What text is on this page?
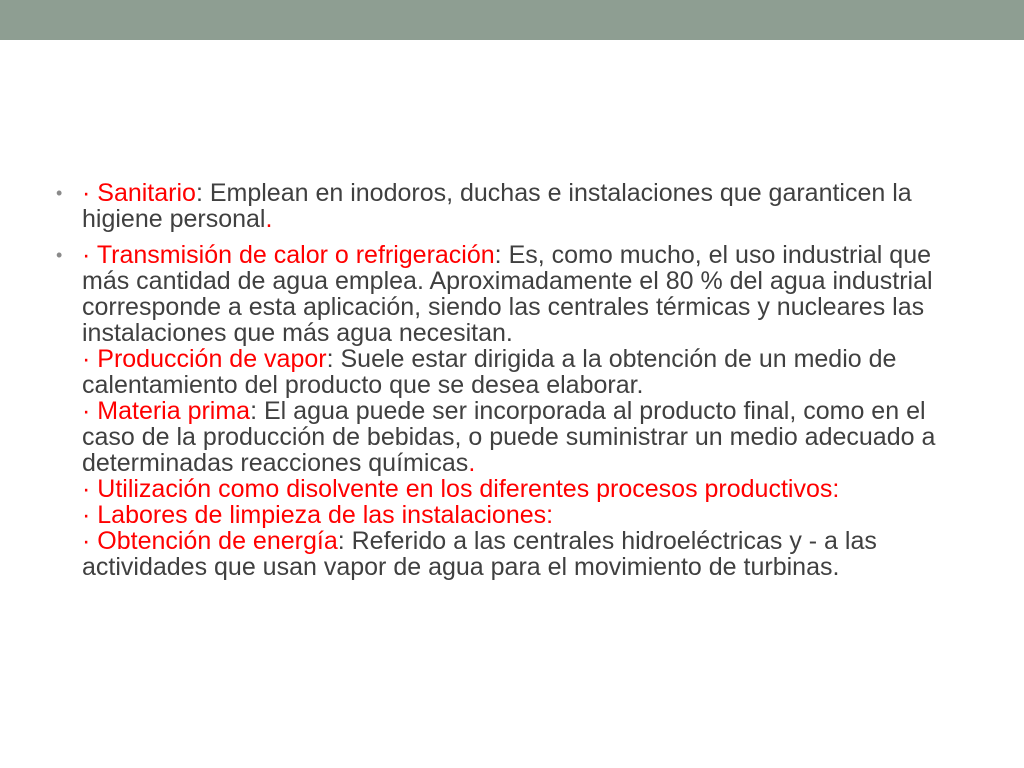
• · Sanitario: Emplean en inodoros, duchas e instalaciones que garanticen la higiene personal.
• · Transmisión de calor o refrigeración: Es, como mucho, el uso industrial que más cantidad de agua emplea. Aproximadamente el 80 % del agua industrial corresponde a esta aplicación, siendo las centrales térmicas y nucleares las instalaciones que más agua necesitan.
· Producción de vapor: Suele estar dirigida a la obtención de un medio de calentamiento del producto que se desea elaborar.
· Materia prima: El agua puede ser incorporada al producto final, como en el caso de la producción de bebidas, o puede suministrar un medio adecuado a determinadas reacciones químicas.
· Utilización como disolvente en los diferentes procesos productivos:
· Labores de limpieza de las instalaciones:
· Obtención de energía: Referido a las centrales hidroeléctricas y - a las actividades que usan vapor de agua para el movimiento de turbinas.
